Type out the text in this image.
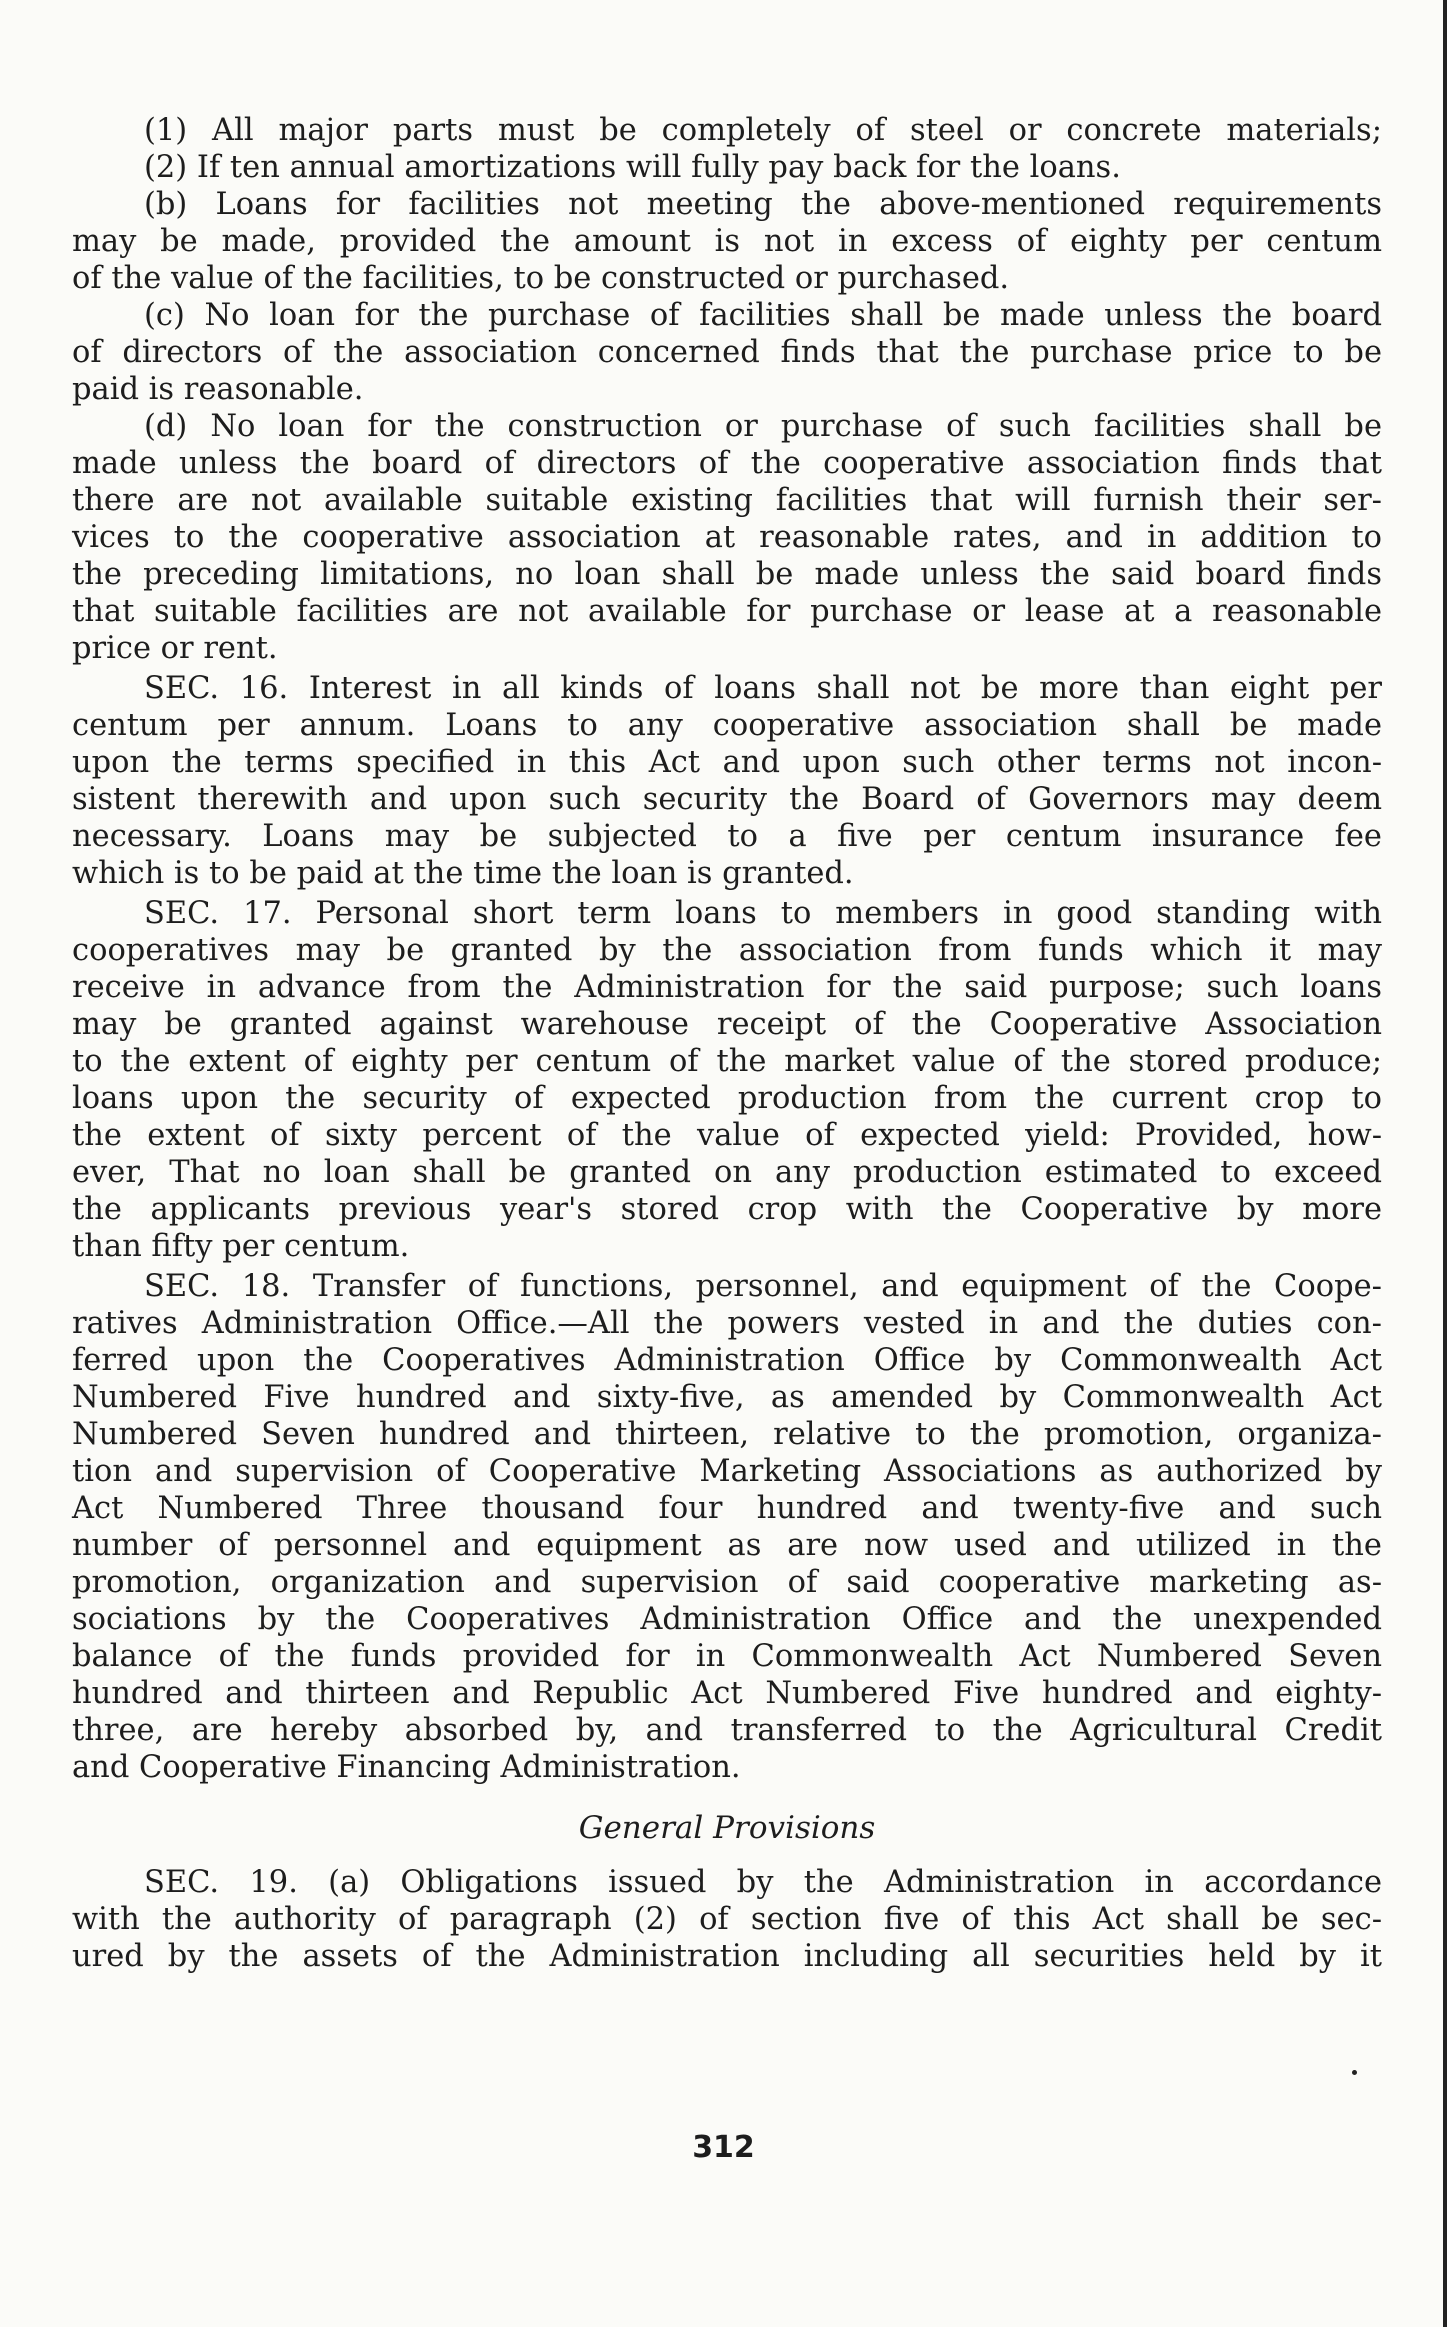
(1) All major parts must be completely of steel or concrete materials;
(2) If ten annual amortizations will fully pay back for the loans.
(b) Loans for facilities not meeting the above-mentioned requirements
may be made, provided the amount is not in excess of eighty per centum
of the value of the facilities, to be constructed or purchased.
(c) No loan for the purchase of facilities shall be made unless the board
of directors of the association concerned finds that the purchase price to be
paid is reasonable.
(d) No loan for the construction or purchase of such facilities shall be
made unless the board of directors of the cooperative association finds that
there are not available suitable existing facilities that will furnish their ser-
vices to the cooperative association at reasonable rates, and in addition to
the preceding limitations, no loan shall be made unless the said board finds
that suitable facilities are not available for purchase or lease at a reasonable
price or rent.
SEC. 16. Interest in all kinds of loans shall not be more than eight per
centum per annum. Loans to any cooperative association shall be made
upon the terms specified in this Act and upon such other terms not incon-
sistent therewith and upon such security the Board of Governors may deem
necessary. Loans may be subjected to a five per centum insurance fee
which is to be paid at the time the loan is granted.
SEC. 17. Personal short term loans to members in good standing with
cooperatives may be granted by the association from funds which it may
receive in advance from the Administration for the said purpose; such loans
may be granted against warehouse receipt of the Cooperative Association
to the extent of eighty per centum of the market value of the stored produce;
loans upon the security of expected production from the current crop to
the extent of sixty percent of the value of expected yield: Provided, how-
ever, That no loan shall be granted on any production estimated to exceed
the applicants previous year's stored crop with the Cooperative by more
than fifty per centum.
SEC. 18. Transfer of functions, personnel, and equipment of the Coope-
ratives Administration Office.—All the powers vested in and the duties con-
ferred upon the Cooperatives Administration Office by Commonwealth Act
Numbered Five hundred and sixty-five, as amended by Commonwealth Act
Numbered Seven hundred and thirteen, relative to the promotion, organiza-
tion and supervision of Cooperative Marketing Associations as authorized by
Act Numbered Three thousand four hundred and twenty-five and such
number of personnel and equipment as are now used and utilized in the
promotion, organization and supervision of said cooperative marketing as-
sociations by the Cooperatives Administration Office and the unexpended
balance of the funds provided for in Commonwealth Act Numbered Seven
hundred and thirteen and Republic Act Numbered Five hundred and eighty-
three, are hereby absorbed by, and transferred to the Agricultural Credit
and Cooperative Financing Administration.
General Provisions
SEC. 19. (a) Obligations issued by the Administration in accordance
with the authority of paragraph (2) of section five of this Act shall be sec-
ured by the assets of the Administration including all securities held by it
312
